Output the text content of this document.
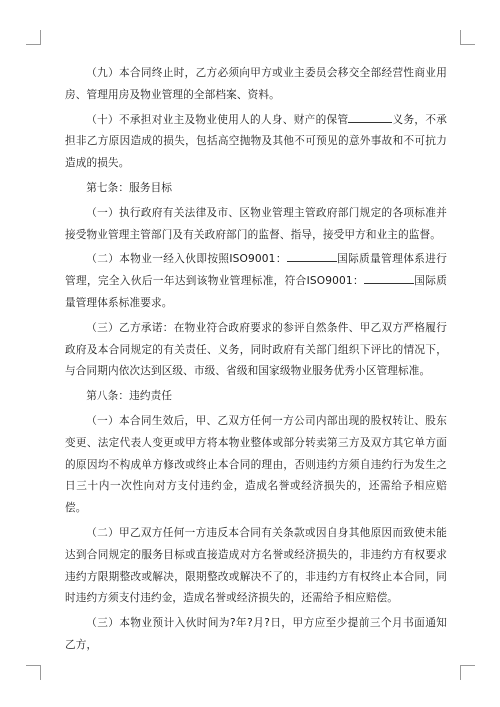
（九）本合同终止时，乙方必须向甲方或业主委员会移交全部经营性商业用房、管理用房及物业管理的全部档案、资料。

（十）不承担对业主及物业使用人的人身、财产的保管	义务，不承担非乙方原因造成的损失，包括高空抛物及其他不可预见的意外事故和不可抗力造成的损失。

第七条：服务目标

（一）执行政府有关法律及市、区物业管理主管政府部门规定的各项标准并接受物业管理主管部门及有关政府部门的监督、指导，接受甲方和业主的监督。

（二）本物业一经入伙即按照ISO9001：	国际质量管理体系进行管理，完全入伙后一年达到该物业管理标准，符合ISO9001：	国际质量管理体系标准要求。

（三）乙方承诺：在物业符合政府要求的参评自然条件、甲乙双方严格履行政府及本合同规定的有关责任、义务，同时政府有关部门组织下评比的情况下，与合同期内依次达到区级、市级、省级和国家级物业服务优秀小区管理标准。

第八条：违约责任

（一）本合同生效后，甲、乙双方任何一方公司内部出现的股权转让、股东变更、法定代表人变更或甲方将本物业整体或部分转卖第三方及双方其它单方面的原因均不构成单方修改或终止本合同的理由，否则违约方须自违约行为发生之日三十内一次性向对方支付违约金，造成名誉或经济损失的，还需给予相应赔偿。

（二）甲乙双方任何一方违反本合同有关条款或因自身其他原因而致使未能达到合同规定的服务目标或直接造成对方名誉或经济损失的，非违约方有权要求违约方限期整改或解决，限期整改或解决不了的，非违约方有权终止本合同，同时违约方须支付违约金，造成名誉或经济损失的，还需给予相应赔偿。

（三）本物业预计入伙时间为?年?月?日，甲方应至少提前三个月书面通知乙方，
